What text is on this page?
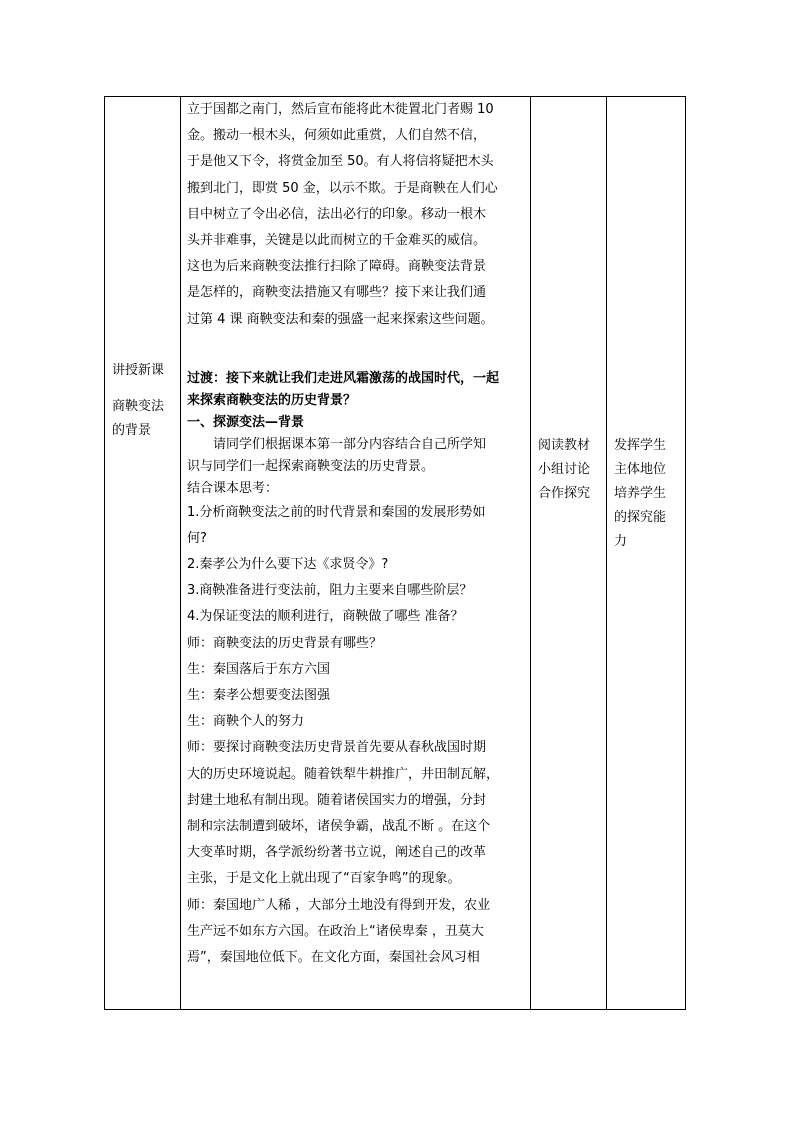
讲授新课
商鞅变法
的背景

立于国都之南门，然后宣布能将此木徙置北门者赐 10
金。搬动一根木头，何须如此重赏，人们自然不信，
于是他又下令，将赏金加至 50。有人将信将疑把木头
搬到北门，即赏 50 金，以示不欺。于是商鞅在人们心
目中树立了令出必信，法出必行的印象。移动一根木
头并非难事，关键是以此而树立的千金难买的威信。
这也为后来商鞅变法推行扫除了障碍。商鞅变法背景
是怎样的，商鞅变法措施又有哪些？接下来让我们通
过第 4 课 商鞅变法和秦的强盛一起来探索这些问题。
过渡：接下来就让我们走进风霜激荡的战国时代，一起
来探索商鞅变法的历史背景？
一、探源变法—背景
请同学们根据课本第一部分内容结合自己所学知
识与同学们一起探索商鞅变法的历史背景。
结合课本思考：
1.分析商鞅变法之前的时代背景和秦国的发展形势如
何?
2.秦孝公为什么要下达《求贤令》?
3.商鞅准备进行变法前，阻力主要来自哪些阶层？
4.为保证变法的顺利进行，商鞅做了哪些 准备？
师：商鞅变法的历史背景有哪些？
生：秦国落后于东方六国
生：秦孝公想要变法图强
生：商鞅个人的努力
师：要探讨商鞅变法历史背景首先要从春秋战国时期
大的历史环境说起。随着铁犁牛耕推广，井田制瓦解，
封建土地私有制出现。随着诸侯国实力的增强，分封
制和宗法制遭到破坏，诸侯争霸，战乱不断 。在这个
大变革时期，各学派纷纷著书立说，阐述自己的改革
主张，于是文化上就出现了“百家争鸣”的现象。
师：秦国地广人稀 ，大部分土地没有得到开发，农业
生产远不如东方六国。在政治上“诸侯卑秦 ，丑莫大
焉”，秦国地位低下。在文化方面，秦国社会风习相

阅读教材
小组讨论
合作探究

发挥学生
主体地位
培养学生
的探究能
力
